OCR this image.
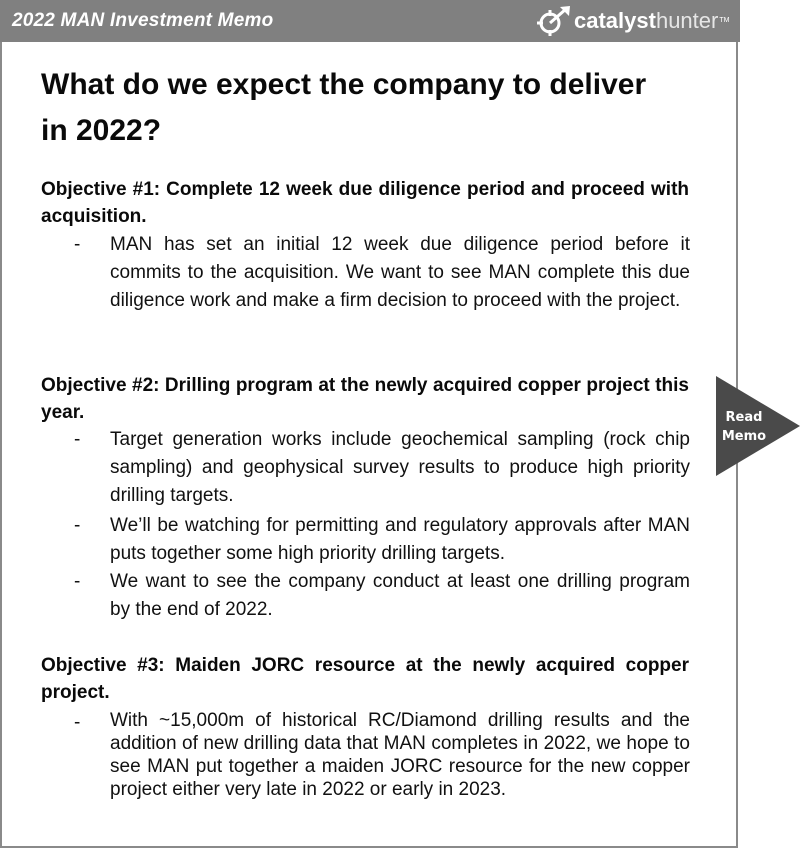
2022 MAN Investment Memo	catalysthunter™
What do we expect the company to deliver in 2022?

Objective #1: Complete 12 week due diligence period and proceed with acquisition.

- MAN has set an initial 12 week due diligence period before it commits to the acquisition. We want to see MAN complete this due diligence work and make a firm decision to proceed with the project.

Objective #2: Drilling program at the newly acquired copper project this year.

- Target generation works include geochemical sampling (rock chip sampling) and geophysical survey results to produce high priority drilling targets.
- We’ll be watching for permitting and regulatory approvals after MAN puts together some high priority drilling targets.
- We want to see the company conduct at least one drilling program by the end of 2022.

Objective #3: Maiden JORC resource at the newly acquired copper project.

- With ~15,000m of historical RC/Diamond drilling results and the addition of new drilling data that MAN completes in 2022, we hope to see MAN put together a maiden JORC resource for the new copper project either very late in 2022 or early in 2023.
Read
Memo
